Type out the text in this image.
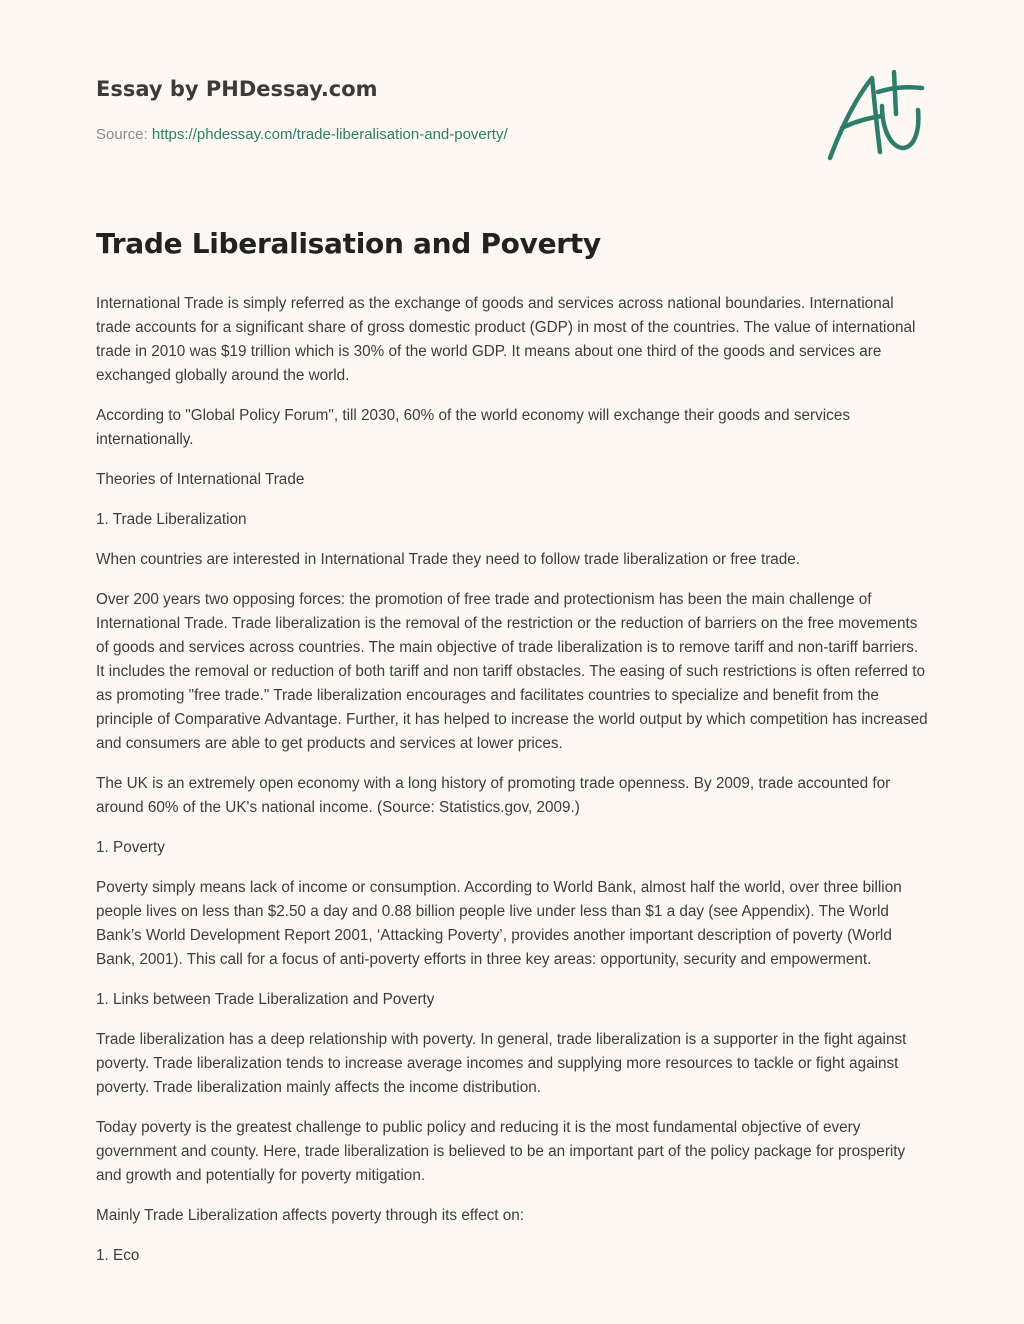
Essay by PHDessay.com
Source: https://phdessay.com/trade-liberalisation-and-poverty/
Trade Liberalisation and Poverty

International Trade is simply referred as the exchange of goods and services across national boundaries. International trade accounts for a significant share of gross domestic product (GDP) in most of the countries. The value of international trade in 2010 was $19 trillion which is 30% of the world GDP. It means about one third of the goods and services are exchanged globally around the world.

According to "Global Policy Forum", till 2030, 60% of the world economy will exchange their goods and services internationally.

Theories of International Trade

1. Trade Liberalization

When countries are interested in International Trade they need to follow trade liberalization or free trade.

Over 200 years two opposing forces: the promotion of free trade and protectionism has been the main challenge of International Trade. Trade liberalization is the removal of the restriction or the reduction of barriers on the free movements of goods and services across countries. The main objective of trade liberalization is to remove tariff and non-tariff barriers. It includes the removal or reduction of both tariff and non tariff obstacles. The easing of such restrictions is often referred to as promoting "free trade." Trade liberalization encourages and facilitates countries to specialize and benefit from the principle of Comparative Advantage. Further, it has helped to increase the world output by which competition has increased and consumers are able to get products and services at lower prices.

The UK is an extremely open economy with a long history of promoting trade openness. By 2009, trade accounted for around 60% of the UK's national income. (Source: Statistics.gov, 2009.)

1. Poverty

Poverty simply means lack of income or consumption. According to World Bank, almost half the world, over three billion people lives on less than $2.50 a day and 0.88 billion people live under less than $1 a day (see Appendix). The World Bank’s World Development Report 2001, ‘Attacking Poverty’, provides another important description of poverty (World Bank, 2001). This call for a focus of anti-poverty efforts in three key areas: opportunity, security and empowerment.

1. Links between Trade Liberalization and Poverty

Trade liberalization has a deep relationship with poverty. In general, trade liberalization is a supporter in the fight against poverty. Trade liberalization tends to increase average incomes and supplying more resources to tackle or fight against poverty. Trade liberalization mainly affects the income distribution.

Today poverty is the greatest challenge to public policy and reducing it is the most fundamental objective of every government and county. Here, trade liberalization is believed to be an important part of the policy package for prosperity and growth and potentially for poverty mitigation.

Mainly Trade Liberalization affects poverty through its effect on:

1. Eco
